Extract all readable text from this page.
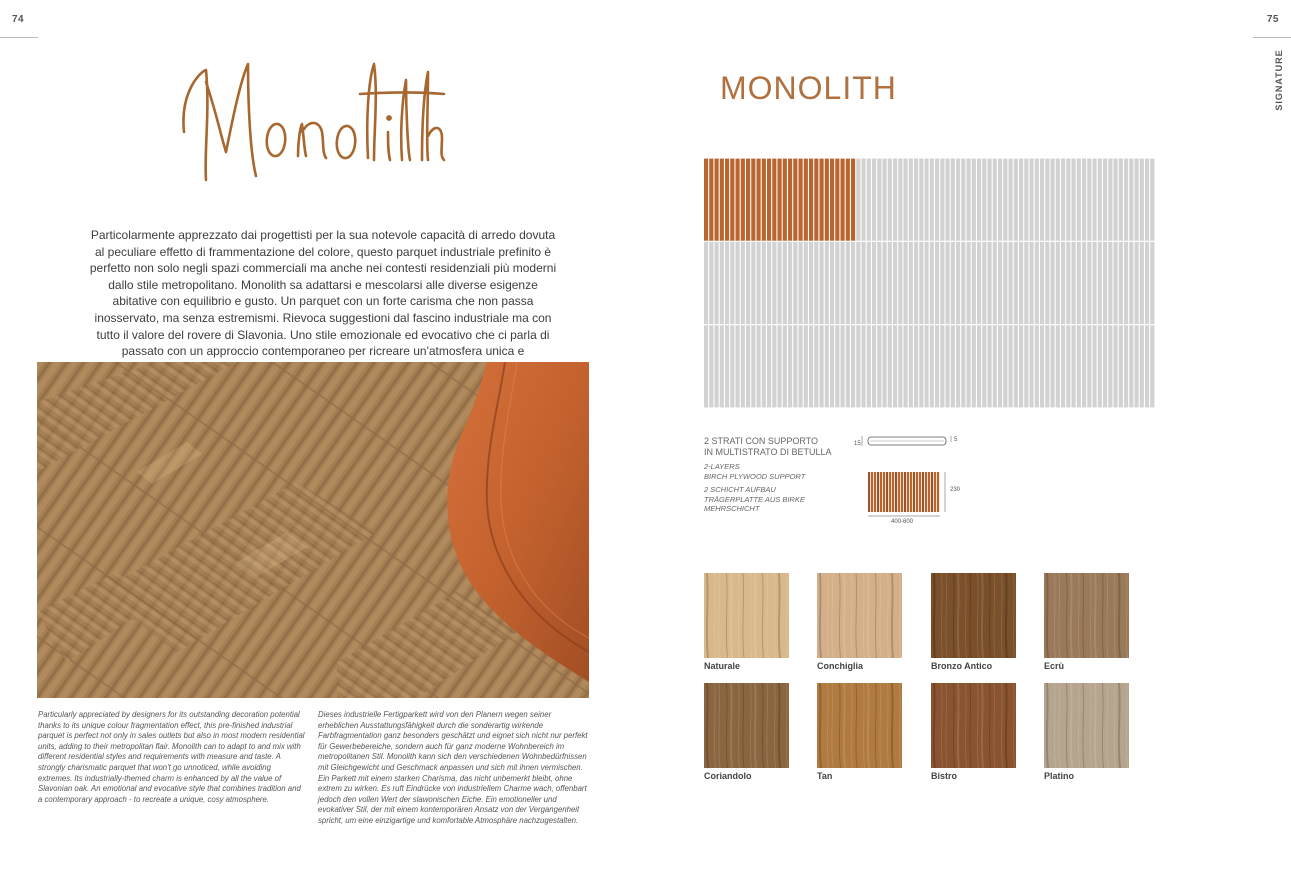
74

Particolarmente apprezzato dai progettisti per la sua notevole capacità di arredo dovuta al peculiare effetto di frammentazione del colore, questo parquet industriale prefinito è perfetto non solo negli spazi commerciali ma anche nei contesti residenziali più moderni dallo stile metropolitano. Monolith sa adattarsi e mescolarsi alle diverse esigenze abitative con equilibrio e gusto. Un parquet con un forte carisma che non passa inosservato, ma senza estremismi. Rievoca suggestioni dal fascino industriale ma con tutto il valore del rovere di Slavonia. Uno stile emozionale ed evocativo che ci parla di passato con un approccio contemporaneo per ricreare un'atmosfera unica e

Particularly appreciated by designers for its outstanding decoration potential thanks to its unique colour fragmentation effect, this pre-finished industrial parquet is perfect not only in sales outlets but also in most modern residential units, adding to their metropolitan flair. Monolith can to adapt to and mix with different residential styles and requirements with measure and taste. A strongly charismatic parquet that won't go unnoticed, while avoiding extremes. Its industrially-themed charm is enhanced by all the value of Slavonian oak. An emotional and evocative style that combines tradition and a contemporary approach - to recreate a unique, cosy atmosphere.

Dieses industrielle Fertigparkett wird von den Planern wegen seiner erheblichen Ausstattungsfähigkeit durch die sonderartig wirkende Farbfragmentation ganz besonders geschätzt und eignet sich nicht nur perfekt für Gewerbebereiche, sondern auch für ganz moderne Wohnbereich im metropolitanen Stil. Monolith kann sich den verschiedenen Wohnbedürfnissen mit Gleichgewicht und Geschmack anpassen und sich mit ihnen vermischen. Ein Parkett mit einem starken Charisma, das nicht unbemerkt bleibt, ohne extrem zu wirken. Es ruft Eindrücke von industriellem Charme wach, offenbart jedoch den vollen Wert der slawonischen Eiche. Ein emotioneller und evokativer Stil, der mit einem kontemporären Ansatz von der Vergangenheit spricht, um eine einzigartige und komfortable Atmosphäre nachzugestalten.

75
SIGNATURE
MONOLITH
2 STRATI CON SUPPORTO
IN MULTISTRATO DI BETULLA
2-LAYERS
BIRCH PLYWOOD SUPPORT
2 SCHICHT AUFBAU
TRÄGERPLATTE AUS BIRKE MEHRSCHICHT
15
5
230
400-600
Naturale	Conchiglia	Bronzo Antico	Ecrù
Coriandolo	Tan	Bistro	Platino
